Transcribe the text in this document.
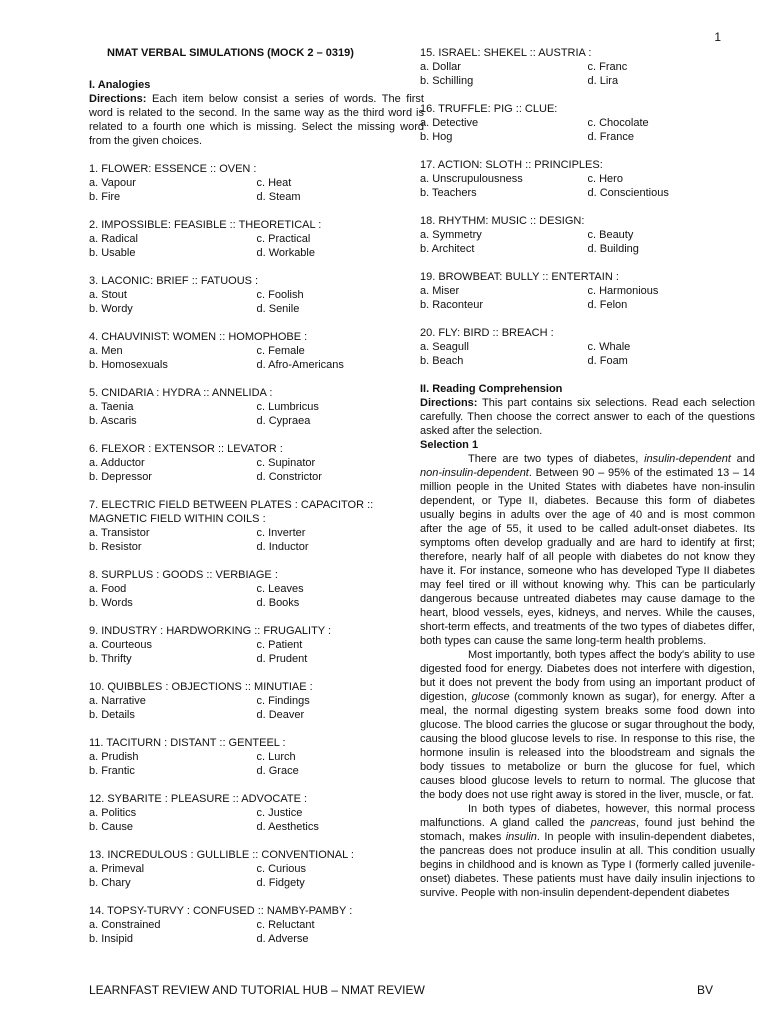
1
NMAT VERBAL SIMULATIONS (MOCK 2 – 0319)
I. Analogies
Directions: Each item below consist a series of words. The first word is related to the second. In the same way as the third word is related to a fourth one which is missing. Select the missing word from the given choices.
1. FLOWER: ESSENCE :: OVEN :
a. Vapour	c. Heat
b. Fire	d. Steam
2. IMPOSSIBLE: FEASIBLE :: THEORETICAL :
a. Radical	c. Practical
b. Usable	d. Workable
3. LACONIC: BRIEF :: FATUOUS :
a. Stout	c. Foolish
b. Wordy	d. Senile
4. CHAUVINIST: WOMEN :: HOMOPHOBE :
a. Men	c. Female
b. Homosexuals	d. Afro-Americans
5. CNIDARIA : HYDRA :: ANNELIDA :
a. Taenia	c. Lumbricus
b. Ascaris	d. Cypraea
6. FLEXOR : EXTENSOR :: LEVATOR :
a. Adductor	c. Supinator
b. Depressor	d. Constrictor
7. ELECTRIC FIELD BETWEEN PLATES : CAPACITOR :: MAGNETIC FIELD WITHIN COILS :
a. Transistor	c. Inverter
b. Resistor	d. Inductor
8. SURPLUS : GOODS :: VERBIAGE :
a. Food	c. Leaves
b. Words	d. Books
9. INDUSTRY : HARDWORKING :: FRUGALITY :
a. Courteous	c. Patient
b. Thrifty	d. Prudent
10. QUIBBLES : OBJECTIONS :: MINUTIAE :
a. Narrative	c. Findings
b. Details	d. Deaver
11. TACITURN : DISTANT :: GENTEEL :
a. Prudish	c. Lurch
b. Frantic	d. Grace
12. SYBARITE : PLEASURE :: ADVOCATE :
a. Politics	c. Justice
b. Cause	d. Aesthetics
13. INCREDULOUS : GULLIBLE :: CONVENTIONAL :
a. Primeval	c. Curious
b. Chary	d. Fidgety
14. TOPSY-TURVY : CONFUSED :: NAMBY-PAMBY :
a. Constrained	c. Reluctant
b. Insipid	d. Adverse
15. ISRAEL: SHEKEL :: AUSTRIA :
a. Dollar	c. Franc
b. Schilling	d. Lira
16. TRUFFLE: PIG :: CLUE:
a. Detective	c. Chocolate
b. Hog	d. France
17. ACTION: SLOTH :: PRINCIPLES:
a. Unscrupulousness	c. Hero
b. Teachers	d. Conscientious
18. RHYTHM: MUSIC :: DESIGN:
a. Symmetry	c. Beauty
b. Architect	d. Building
19. BROWBEAT: BULLY :: ENTERTAIN :
a. Miser	c. Harmonious
b. Raconteur	d. Felon
20. FLY: BIRD :: BREACH :
a. Seagull	c. Whale
b. Beach	d. Foam
II. Reading Comprehension
Directions: This part contains six selections. Read each selection carefully. Then choose the correct answer to each of the questions asked after the selection.
Selection 1

There are two types of diabetes, insulin-dependent and non-insulin-dependent. Between 90 – 95% of the estimated 13 – 14 million people in the United States with diabetes have non-insulin dependent, or Type II, diabetes. Because this form of diabetes usually begins in adults over the age of 40 and is most common after the age of 55, it used to be called adult-onset diabetes. Its symptoms often develop gradually and are hard to identify at first; therefore, nearly half of all people with diabetes do not know they have it. For instance, someone who has developed Type II diabetes may feel tired or ill without knowing why. This can be particularly dangerous because untreated diabetes may cause damage to the heart, blood vessels, eyes, kidneys, and nerves. While the causes, short-term effects, and treatments of the two types of diabetes differ, both types can cause the same long-term health problems.

Most importantly, both types affect the body's ability to use digested food for energy. Diabetes does not interfere with digestion, but it does not prevent the body from using an important product of digestion, glucose (commonly known as sugar), for energy. After a meal, the normal digesting system breaks some food down into glucose. The blood carries the glucose or sugar throughout the body, causing the blood glucose levels to rise. In response to this rise, the hormone insulin is released into the bloodstream and signals the body tissues to metabolize or burn the glucose for fuel, which causes blood glucose levels to return to normal. The glucose that the body does not use right away is stored in the liver, muscle, or fat.

In both types of diabetes, however, this normal process malfunctions. A gland called the pancreas, found just behind the stomach, makes insulin. In people with insulin-dependent diabetes, the pancreas does not produce insulin at all. This condition usually begins in childhood and is known as Type I (formerly called juvenile-onset) diabetes. These patients must have daily insulin injections to survive. People with non-insulin dependent-dependent diabetes

LEARNFAST REVIEW AND TUTORIAL HUB – NMAT REVIEW	BV
